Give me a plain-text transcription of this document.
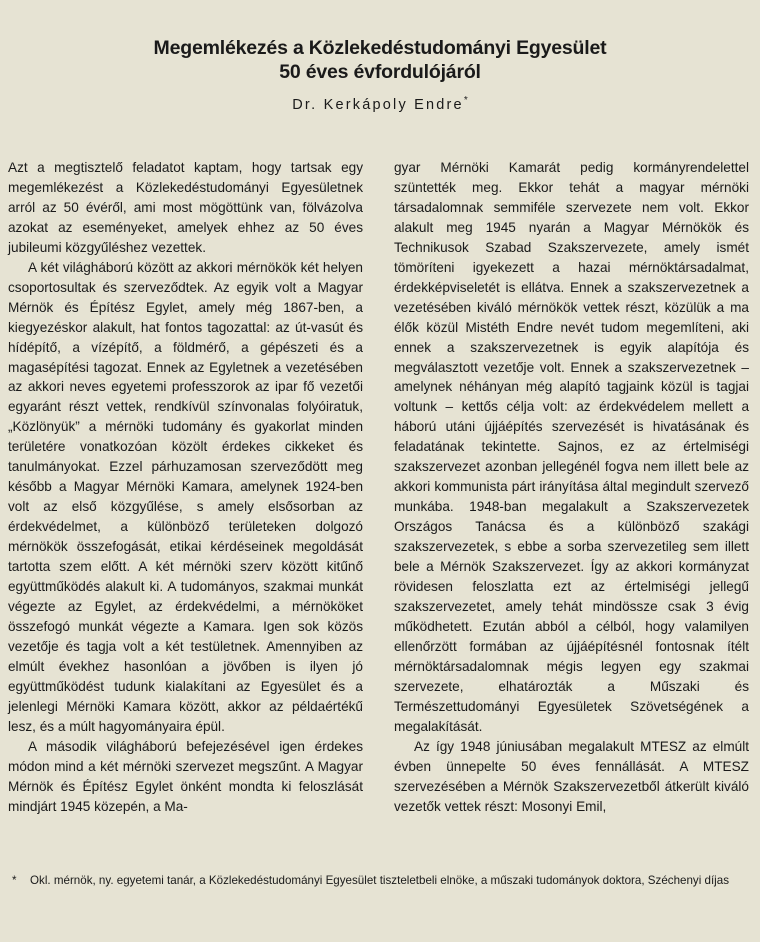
Megemlékezés a Közlekedéstudományi Egyesület
50 éves évfordulójáról
Dr. Kerkápoly Endre*

Azt a megtisztelő feladatot kaptam, hogy tartsak egy megemlékezést a Közlekedéstudományi Egyesületnek arról az 50 évéről, ami most mögöttünk van, fölvázolva azokat az eseményeket, amelyek ehhez az 50 éves jubileumi közgyűléshez vezettek.

A két világháború között az akkori mérnökök két helyen csoportosultak és szerveződtek. Az egyik volt a Magyar Mérnök és Építész Egylet, amely még 1867-ben, a kiegyezéskor alakult, hat fontos tagozattal: az út-vasút és hídépítő, a vízépítő, a földmérő, a gépészeti és a magasépítési tagozat. Ennek az Egyletnek a vezetésében az akkori neves egyetemi professzorok az ipar fő vezetői egyaránt részt vettek, rendkívül színvonalas folyóiratuk, „Közlönyük” a mérnöki tudomány és gyakorlat minden területére vonatkozóan közölt érdekes cikkeket és tanulmányokat. Ezzel párhuzamosan szerveződött meg később a Magyar Mérnöki Kamara, amelynek 1924-ben volt az első közgyűlése, s amely elsősorban az érdekvédelmet, a különböző területeken dolgozó mérnökök összefogását, etikai kérdéseinek megoldását tartotta szem előtt. A két mérnöki szerv között kitűnő együttműködés alakult ki. A tudományos, szakmai munkát végezte az Egylet, az érdekvédelmi, a mérnököket összefogó munkát végezte a Kamara. Igen sok közös vezetője és tagja volt a két testületnek. Amennyiben az elmúlt évekhez hasonlóan a jövőben is ilyen jó együttműködést tudunk kialakítani az Egyesület és a jelenlegi Mérnöki Kamara között, akkor az példaértékű lesz, és a múlt hagyományaira épül.

A második világháború befejezésével igen érdekes módon mind a két mérnöki szervezet megszűnt. A Magyar Mérnök és Építész Egylet önként mondta ki feloszlását mindjárt 1945 közepén, a Ma-

gyar Mérnöki Kamarát pedig kormányrendelettel szüntették meg. Ekkor tehát a magyar mérnöki társadalomnak semmiféle szervezete nem volt. Ekkor alakult meg 1945 nyarán a Magyar Mérnökök és Technikusok Szabad Szakszervezete, amely ismét tömöríteni igyekezett a hazai mérnöktársadalmat, érdekképviseletét is ellátva. Ennek a szakszervezetnek a vezetésében kiváló mérnökök vettek részt, közülük a ma élők közül Mistéth Endre nevét tudom megemlíteni, aki ennek a szakszervezetnek is egyik alapítója és megválasztott vezetője volt. Ennek a szakszervezetnek – amelynek néhányan még alapító tagjaink közül is tagjai voltunk – kettős célja volt: az érdekvédelem mellett a háború utáni újjáépítés szervezését is hivatásának és feladatának tekintette. Sajnos, ez az értelmiségi szakszervezet azonban jellegénél fogva nem illett bele az akkori kommunista párt irányítása által megindult szervező munkába. 1948-ban megalakult a Szakszervezetek Országos Tanácsa és a különböző szakági szakszervezetek, s ebbe a sorba szervezetileg sem illett bele a Mérnök Szakszervezet. Így az akkori kormányzat rövidesen feloszlatta ezt az értelmiségi jellegű szakszervezetet, amely tehát mindössze csak 3 évig működhetett. Ezután abból a célból, hogy valamilyen ellenőrzött formában az újjáépítésnél fontosnak ítélt mérnöktársadalomnak mégis legyen egy szakmai szervezete, elhatározták a Műszaki és Természettudományi Egyesületek Szövetségének a megalakítását.

Az így 1948 júniusában megalakult MTESZ az elmúlt évben ünnepelte 50 éves fennállását. A MTESZ szervezésében a Mérnök Szakszervezetből átkerült kiváló vezetők vettek részt: Mosonyi Emil,

*	Okl. mérnök, ny. egyetemi tanár, a Közlekedéstudományi Egyesület tiszteletbeli elnöke, a műszaki tudományok doktora, Széchenyi díjas
